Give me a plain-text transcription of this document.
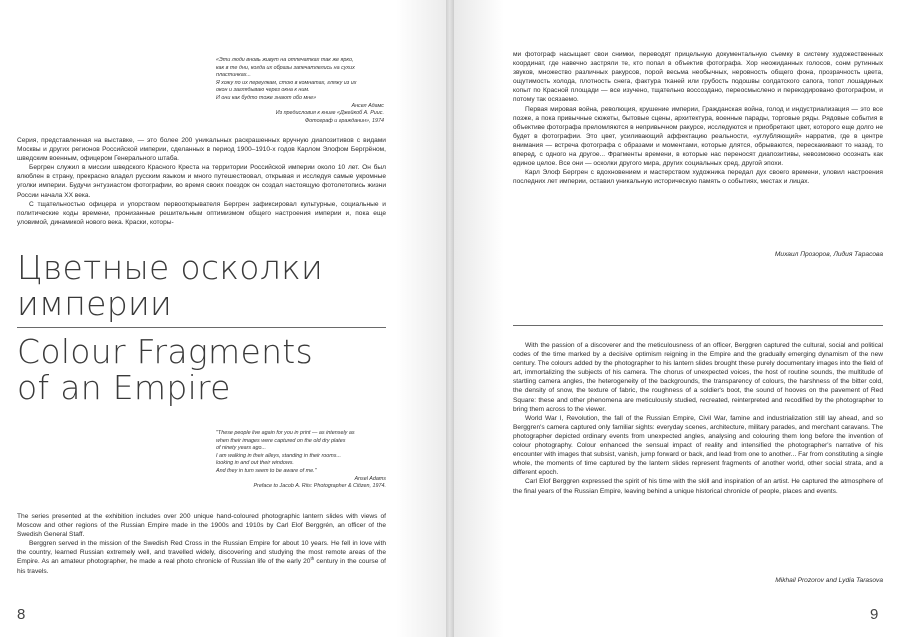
«Эти люди вновь живут на отпечатках так же ярко,

как в те дни, когда их образы запечатлелись на сухих

пластинках...

Я хожу по их переулкам, стою в комнатах, гляжу из их

окон и заглядываю через окна к ним.

И они как будто тоже знают обо мне»

Ансел Адамс

Из предисловия к книге «Джейкоб А. Риис.

Фотограф и гражданин», 1974

Серия, представленная на выставке, — это более 200 уникальных раскрашенных вручную диапозитивов с видами Москвы и других регионов Российской империи, сделанных в период 1900–1910-х годов Карлом Элофом Бергрёном, шведским военным, офицером Генерального штаба.

Бергрен служил в миссии шведского Красного Креста на территории Российской империи около 10 лет. Он был влюблен в страну, прекрасно владел русским языком и много путешествовал, открывая и исследуя самые укромные уголки империи. Будучи энтузиастом фотографии, во время своих поездок он создал настоящую фотолетопись жизни России начала XX века.

С тщательностью офицера и упорством первооткрывателя Бергрен зафиксировал культурные, социальные и политические коды времени, пронизанные решительным оптимизмом общего настроения империи и, пока еще уловимой, динамикой нового века. Краски, которы-

Цветные осколки
империи
Colour Fragments
of an Empire

"These people live again for you in print — as intensely as

when their images were captured on the old dry plates

of ninety years ago...

I am walking in their alleys, standing in their rooms...

looking in and out their windows.

And they in turn seem to be aware of me."

Ansel Adams

Preface to Jacob A. Riis: Photographer & Citizen, 1974.

The series presented at the exhibition includes over 200 unique hand-coloured photographic lantern slides with views of Moscow and other regions of the Russian Empire made in the 1900s and 1910s by Carl Elof Berggrén, an officer of the Swedish General Staff.

Berggren served in the mission of the Swedish Red Cross in the Russian Empire for about 10 years. He fell in love with the country, learned Russian extremely well, and travelled widely, discovering and studying the most remote areas of the Empire. As an amateur photographer, he made a real photo chronicle of Russian life of the early 20th century in the course of his travels.

8

ми фотограф насыщает свои снимки, переводят прицельную документальную съемку в систему художественных координат, где навечно застряли те, кто попал в объектив фотографа. Хор неожиданных голосов, сонм рутинных звуков, множество различных ракурсов, порой весьма необычных, неровность общего фона, прозрачность цвета, ощутимость холода, плотность снега, фактура тканей или грубость подошвы солдатского сапога, топот лошадиных копыт по Красной площади — все изучено, тщательно воссоздано, переосмыслено и перекодировано фотографом, и потому так осязаемо.

Первая мировая война, революция, крушение империи, Гражданская война, голод и индустриализация — это все позже, а пока привычные сюжеты, бытовые сцены, архитектура, военные парады, торговые ряды. Рядовые события в объективе фотографа преломляются в непривычном ракурсе, исследуются и приобретают цвет, которого еще долго не будет в фотографии. Это цвет, усиливающий аффектацию реальности, «углубляющий» нарратив, где в центре внимания — встреча фотографа с образами и моментами, которые длятся, обрываются, перескакивают то назад, то вперед, с одного на другое... Фрагменты времени, в которые нас переносят диапозитивы, невозможно осознать как единое целое. Все они — осколки другого мира, других социальных сред, другой эпохи.

Карл Элоф Бергрен с вдохновением и мастерством художника передал дух своего времени, уловил настроения последних лет империи, оставил уникальную историческую память о событиях, местах и лицах.

Михаил Прозоров, Лидия Тарасова

With the passion of a discoverer and the meticulousness of an officer, Berggren captured the cultural, social and political codes of the time marked by a decisive optimism reigning in the Empire and the gradually emerging dynamism of the new century. The colours added by the photographer to his lantern slides brought these purely documentary images into the field of art, immortalizing the subjects of his camera. The chorus of unexpected voices, the host of routine sounds, the multitude of startling camera angles, the heterogeneity of the backgrounds, the transparency of colours, the harshness of the bitter cold, the density of snow, the texture of fabric, the roughness of a soldier's boot, the sound of hooves on the pavement of Red Square: these and other phenomena are meticulously studied, recreated, reinterpreted and recodified by the photographer to bring them across to the viewer.

World War I, Revolution, the fall of the Russian Empire, Civil War, famine and industrialization still lay ahead, and so Berggren's camera captured only familiar sights: everyday scenes, architecture, military parades, and merchant caravans. The photographer depicted ordinary events from unexpected angles, analysing and colouring them long before the invention of colour photography. Colour enhanced the sensual impact of reality and intensified the photographer's narrative of his encounter with images that subsist, vanish, jump forward or back, and lead from one to another... Far from constituting a single whole, the moments of time captured by the lantern slides represent fragments of another world, other social strata, and a different epoch.

Carl Elof Berggren expressed the spirit of his time with the skill and inspiration of an artist. He captured the atmosphere of the final years of the Russian Empire, leaving behind a unique historical chronicle of people, places and events.

Mikhail Prozorov and Lydia Tarasova
9
